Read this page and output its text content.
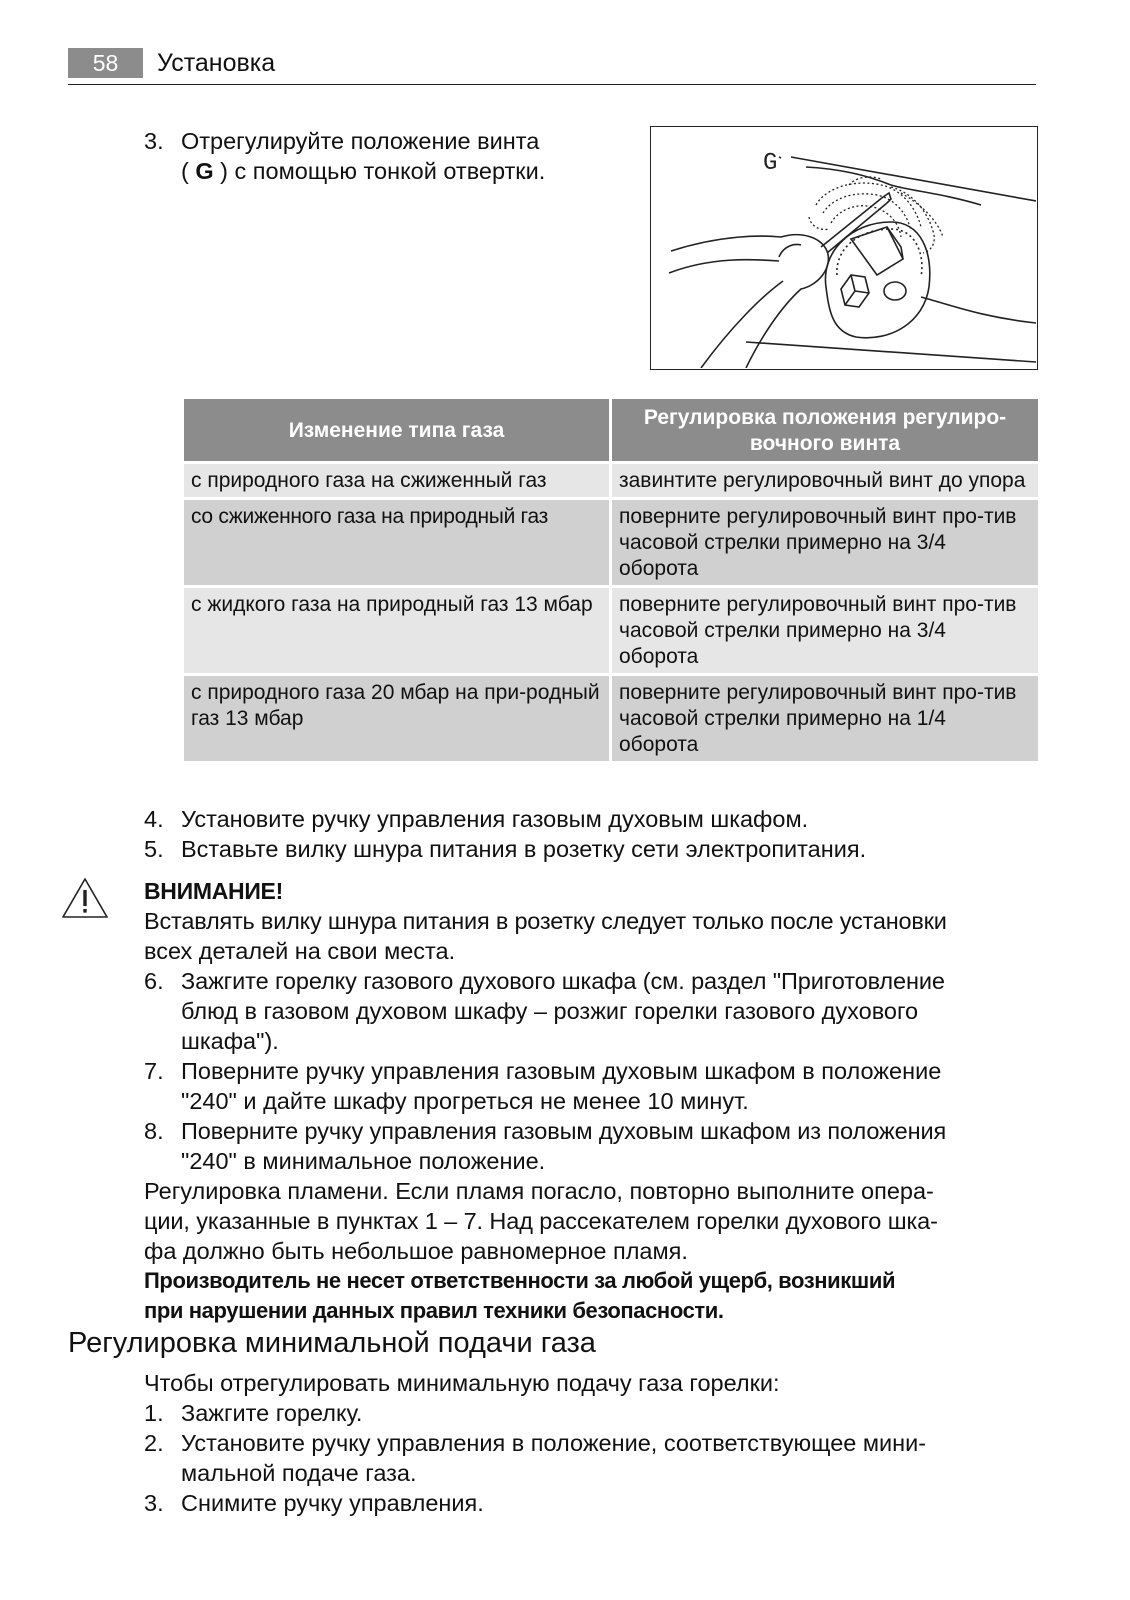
58	Установка
3. Отрегулируйте положение винта
( G ) с помощью тонкой отвертки.	G
Изменение типа газа	Регулировка положения регулиро-
вочного винта
с природного газа на сжиженный газ	завинтите регулировочный винт до упора
со сжиженного газа на природный газ	поверните регулировочный винт про-тив часовой стрелки примерно на 3/4 оборота
с жидкого газа на природный газ 13 мбар	поверните регулировочный винт про-тив часовой стрелки примерно на 3/4 оборота
с природного газа 20 мбар на при-родный газ 13 мбар	поверните регулировочный винт про-тив часовой стрелки примерно на 1/4 оборота
4. Установите ручку управления газовым духовым шкафом.
5. Вставьте вилку шнура питания в розетку сети электропитания.
ВНИМАНИЕ!
Вставлять вилку шнура питания в розетку следует только после установки
всех деталей на свои места.
6. Зажгите горелку газового духового шкафа (см. раздел "Приготовление
блюд в газовом духовом шкафу – розжиг горелки газового духового
шкафа").
7. Поверните ручку управления газовым духовым шкафом в положение
"240" и дайте шкафу прогреться не менее 10 минут.
8. Поверните ручку управления газовым духовым шкафом из положения
"240" в минимальное положение.
Регулировка пламени. Если пламя погасло, повторно выполните опера-
ции, указанные в пунктах 1 – 7. Над рассекателем горелки духового шка-
фа должно быть небольшое равномерное пламя.
Производитель не несет ответственности за любой ущерб, возникший
при нарушении данных правил техники безопасности.
Регулировка минимальной подачи газа
Чтобы отрегулировать минимальную подачу газа горелки:
1. Зажгите горелку.
2. Установите ручку управления в положение, соответствующее мини-
мальной подаче газа.
3. Снимите ручку управления.
